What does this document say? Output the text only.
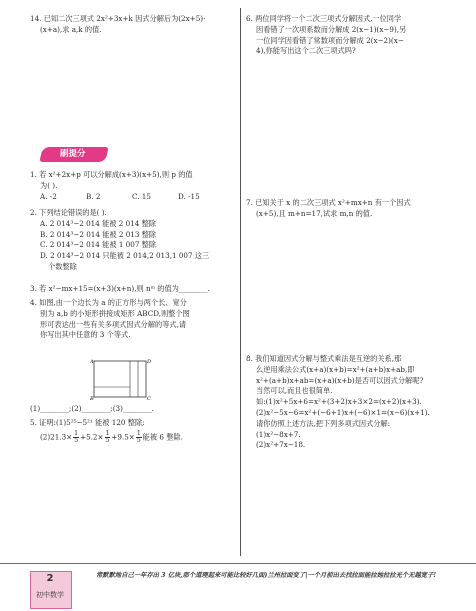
14. 已知二次三项式 2x²+3x+k 因式分解后为(2x+5)·
(x+a),求 a,k 的值.
刷提分
1. 若 x²+2x+p 可以分解成(x+3)(x+5),则 p 的值
为( ).
A. -2	B. 2	C. 15	D. -15
2. 下列结论错误的是( ).
A. 2 014³−2 014 能被 2 014 整除
B. 2 014³−2 014 能被 2 013 整除
C. 2 014³−2 014 能被 1 007 整除
D. 2 014³−2 014 只能被 2 014,2 013,1 007 这三
个数整除
3. 若 x²−mx+15=(x+3)(x+n),则 nᵐ 的值为________.
4. 如图,由一个边长为 a 的正方形与两个长、宽分
别为 a,b 的小矩形拼接成矩形 ABCD,则整个图
形可表达出一些有关多项式因式分解的等式,请
你写出其中任意的 3 个等式.
A	D
B	C
(1)________;(2)________;(3)________.
5. 证明:(1)5²⁵−5²¹ 能被 120 整除;
$(2)21.3\times \frac{1}{5} +5.2\times \frac{1}{5} +9.5\times \frac{1}{5}$ 能被 6 整除.
6. 两位同学将一个二次三项式分解因式,一位同学
因看错了一次项系数而分解成 2(x−1)(x−9),另
一位同学因看错了常数项而分解成 2(x−2)(x−
4),你能写出这个二次三项式吗?
7. 已知关于 x 的二次三项式 x²+mx+n 有一个因式
(x+5),且 m+n=17,试求 m,n 的值.
8. 我们知道因式分解与整式乘法是互逆的关系,那
么逆用乘法公式(x+a)(x+b)=x²+(a+b)x+ab,即
x²+(a+b)x+ab=(x+a)(x+b)是否可以因式分解呢?
当然可以,而且也很简单.
如:(1)x²+5x+6=x²+(3+2)x+3×2=(x+2)(x+3).
(2)x²−5x−6=x²+(−6+1)x+(−6)×1=(x−6)(x+1).
请你仿照上述方法,把下列多项式因式分解:
(1)x²−8x+7.
(2)x²+7x−18.
2
初中数学
常默默地自己一年存出 3 亿块,那个道理起来可能比较好几面)兰州拉面变了|一个月前出去找拉面能拉她拉拉光个无越宽子!
